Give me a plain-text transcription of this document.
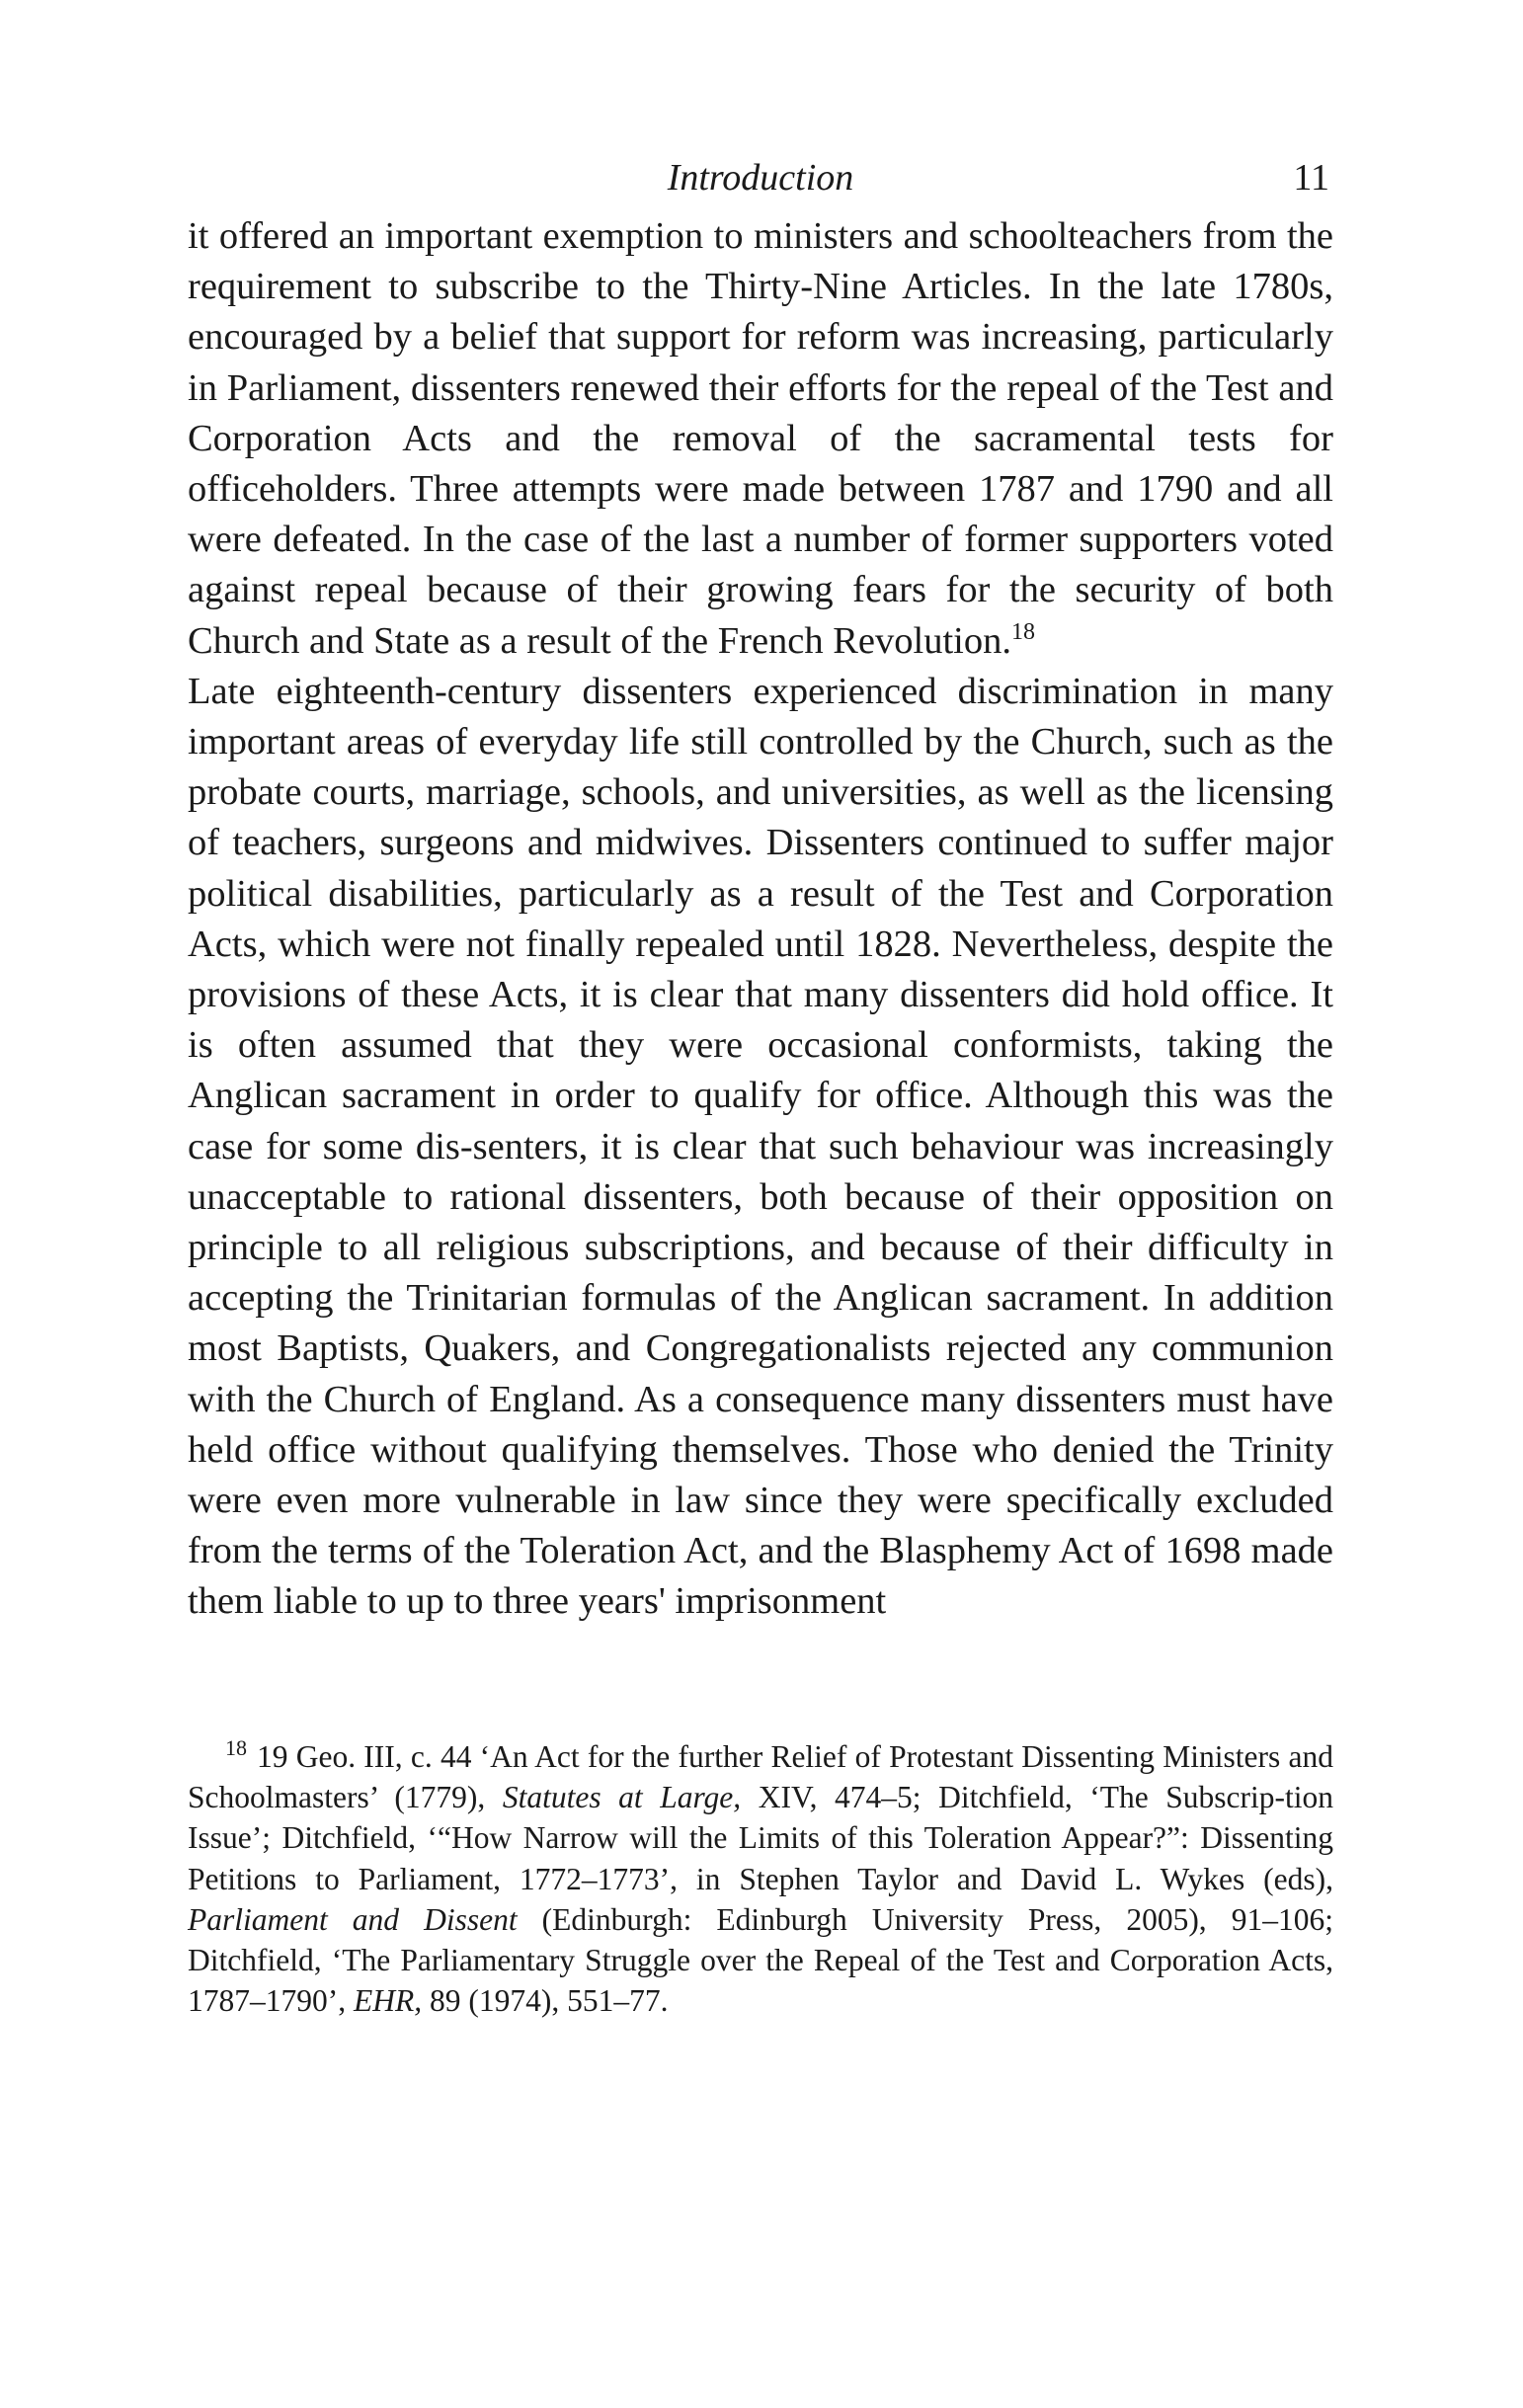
Introduction	11

it offered an important exemption to ministers and schoolteachers from the requirement to subscribe to the Thirty-Nine Articles. In the late 1780s, encouraged by a belief that support for reform was increasing, particularly in Parliament, dissenters renewed their efforts for the repeal of the Test and Corporation Acts and the removal of the sacramental tests for officeholders. Three attempts were made between 1787 and 1790 and all were defeated. In the case of the last a number of former supporters voted against repeal because of their growing fears for the security of both Church and State as a result of the French Revolution.$^{18}$

Late eighteenth-century dissenters experienced discrimination in many important areas of everyday life still controlled by the Church, such as the probate courts, marriage, schools, and universities, as well as the licensing of teachers, surgeons and midwives. Dissenters continued to suffer major political disabilities, particularly as a result of the Test and Corporation Acts, which were not finally repealed until 1828. Nevertheless, despite the provisions of these Acts, it is clear that many dissenters did hold office. It is often assumed that they were occasional conformists, taking the Anglican sacrament in order to qualify for office. Although this was the case for some dis-senters, it is clear that such behaviour was increasingly unacceptable to rational dissenters, both because of their opposition on principle to all religious subscriptions, and because of their difficulty in accepting the Trinitarian formulas of the Anglican sacrament. In addition most Baptists, Quakers, and Congregationalists rejected any communion with the Church of England. As a consequence many dissenters must have held office without qualifying themselves. Those who denied the Trinity were even more vulnerable in law since they were specifically excluded from the terms of the Toleration Act, and the Blasphemy Act of 1698 made them liable to up to three years' imprisonment

$^{18}$ 19 Geo. III, c. 44 ‘An Act for the further Relief of Protestant Dissenting Ministers and Schoolmasters’ (1779), Statutes at Large, XIV, 474–5; Ditchfield, ‘The Subscrip-tion Issue’; Ditchfield, ‘“How Narrow will the Limits of this Toleration Appear?”: Dissenting Petitions to Parliament, 1772–1773’, in Stephen Taylor and David L. Wykes (eds), Parliament and Dissent (Edinburgh: Edinburgh University Press, 2005), 91–106; Ditchfield, ‘The Parliamentary Struggle over the Repeal of the Test and Corporation Acts, 1787–1790’, EHR, 89 (1974), 551–77.
